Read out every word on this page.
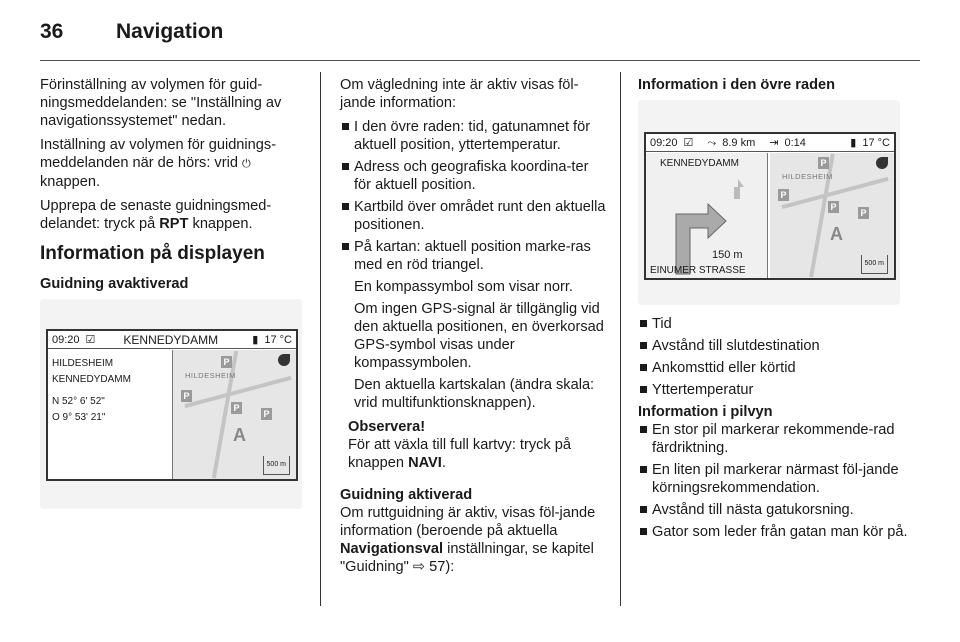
36	Navigation

Förinställning av volymen för guid-ningsmeddelanden: se "Inställning av navigationssystemet" nedan.

Inställning av volymen för guidnings-meddelanden när de hörs: vrid ⏻
knappen.

Upprepa de senaste guidningsmed-delandet: tryck på RPT knappen.

Information på displayen
Guidning avaktiverad
09:20 ☑ KENNEDYDAMM	▮ 17 °C
HILDESHEIM
KENNEDYDAMM
N 52° 6' 52"
O 9° 53' 21"
HILDESHEIM
P
P
P
P
A
500 m

Om vägledning inte är aktiv visas föl-jande information:

I den övre raden: tid, gatunamnet för aktuell position, yttertemperatur.
Adress och geografiska koordina-ter för aktuell position.
Kartbild över området runt den aktuella positionen.
På kartan: aktuell position marke-ras med en röd triangel.
En kompassymbol som visar norr.
Om ingen GPS-signal är tillgänglig vid den aktuella positionen, en överkorsad GPS-symbol visas under kompassymbolen.
Den aktuella kartskalan (ändra skala: vrid multifunktionsknappen).
Observera!
För att växla till full kartvy: tryck på knappen NAVI.
Guidning aktiverad

Om ruttguidning är aktiv, visas föl-jande information (beroende på aktuella Navigationsval inställningar, se kapitel "Guidning" ⇨ 57):

Information i den övre raden
09:20 ☑ ⤳ 8.9 km ⇥ 0:14	▮ 17 °C
KENNEDYDAMM
150 m
EINUMER STRASSE
HILDESHEIM
P
P
P
P
A
500 m
Tid
Avstånd till slutdestination
Ankomsttid eller körtid
Yttertemperatur
Information i pilvyn
En stor pil markerar rekommende-rad färdriktning.
En liten pil markerar närmast föl-jande körningsrekommendation.
Avstånd till nästa gatukorsning.
Gator som leder från gatan man kör på.
